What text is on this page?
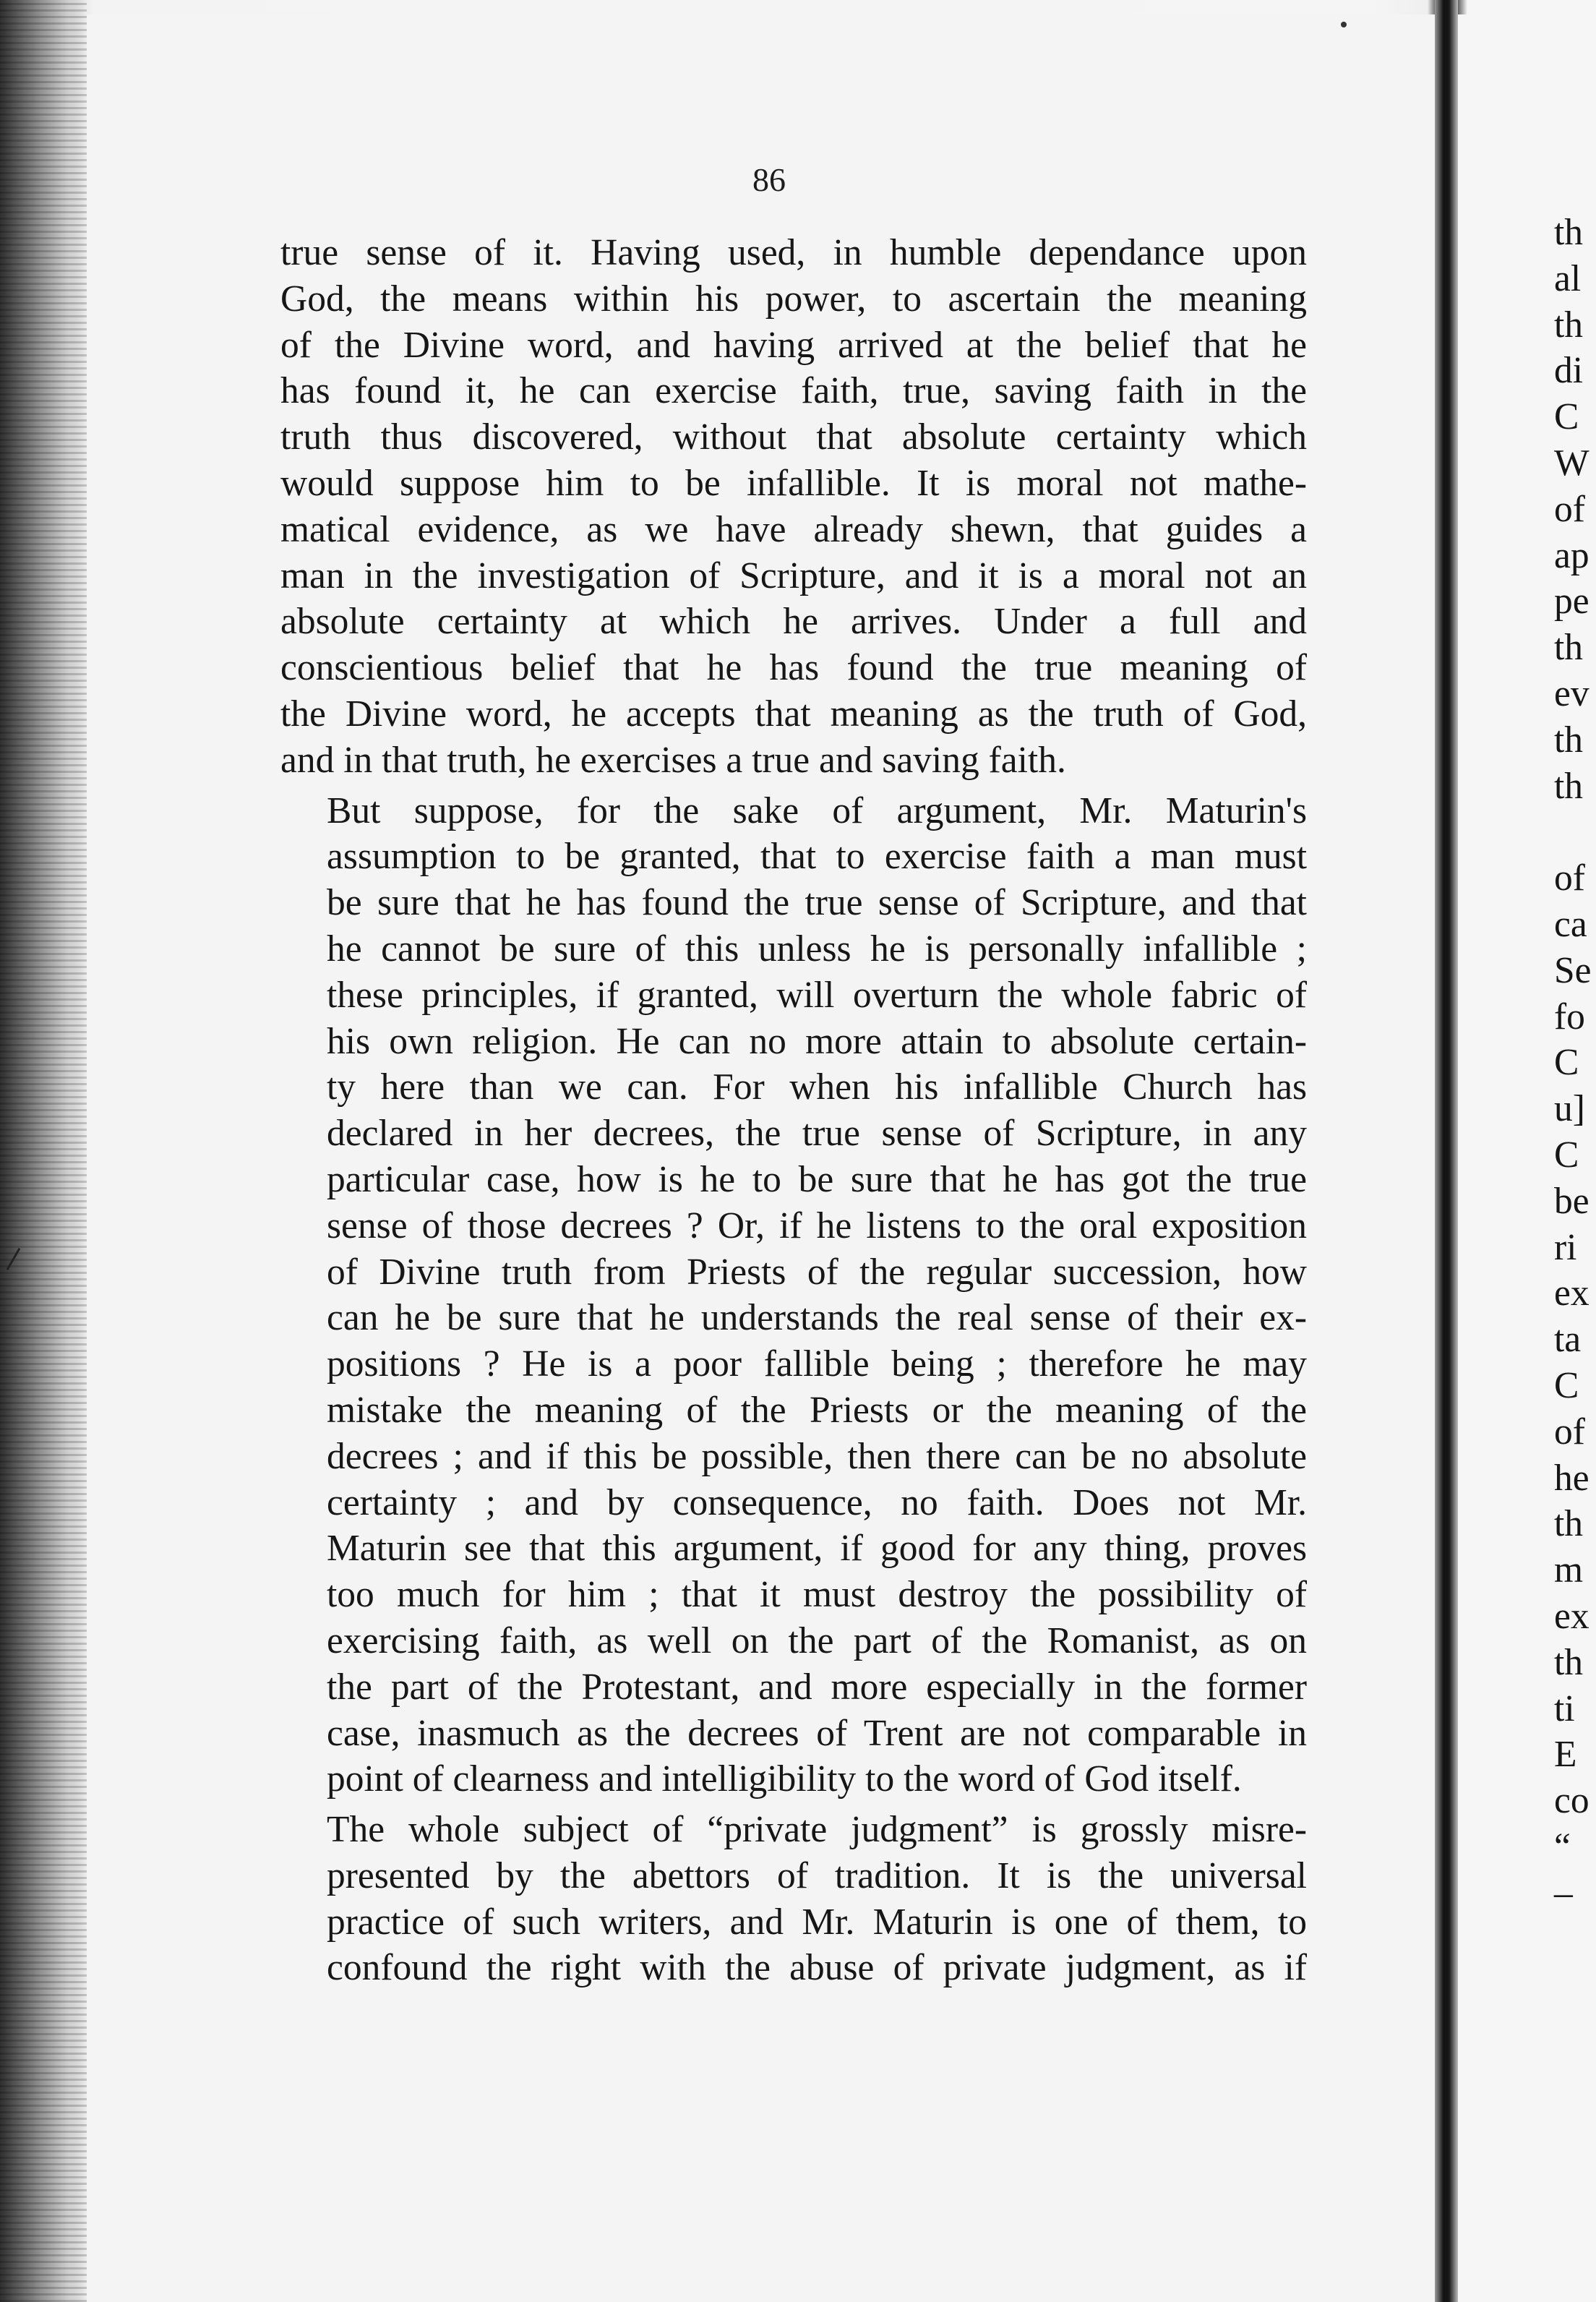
86
true sense of it. Having used, in humble dependance upon
God, the means within his power, to ascertain the meaning
of the Divine word, and having arrived at the belief that he
has found it, he can exercise faith, true, saving faith in the
truth thus discovered, without that absolute certainty which
would suppose him to be infallible. It is moral not mathe-
matical evidence, as we have already shewn, that guides a
man in the investigation of Scripture, and it is a moral not an
absolute certainty at which he arrives. Under a full and
conscientious belief that he has found the true meaning of
the Divine word, he accepts that meaning as the truth of God,
and in that truth, he exercises a true and saving faith.
But suppose, for the sake of argument, Mr. Maturin's
assumption to be granted, that to exercise faith a man must
be sure that he has found the true sense of Scripture, and that
he cannot be sure of this unless he is personally infallible ;
these principles, if granted, will overturn the whole fabric of
his own religion. He can no more attain to absolute certain-
ty here than we can. For when his infallible Church has
declared in her decrees, the true sense of Scripture, in any
particular case, how is he to be sure that he has got the true
sense of those decrees ? Or, if he listens to the oral exposition
of Divine truth from Priests of the regular succession, how
can he be sure that he understands the real sense of their ex-
positions ? He is a poor fallible being ; therefore he may
mistake the meaning of the Priests or the meaning of the
decrees ; and if this be possible, then there can be no absolute
certainty ; and by consequence, no faith. Does not Mr.
Maturin see that this argument, if good for any thing, proves
too much for him ; that it must destroy the possibility of
exercising faith, as well on the part of the Romanist, as on
the part of the Protestant, and more especially in the former
case, inasmuch as the decrees of Trent are not comparable in
point of clearness and intelligibility to the word of God itself.
The whole subject of “private judgment” is grossly misre-
presented by the abettors of tradition. It is the universal
practice of such writers, and Mr. Maturin is one of them, to
confound the right with the abuse of private judgment, as if
th
al
th
di
C
W
of
ap
pе
th
ev
th
th
of
ca
Sе
fo
C
u]
C
bе
ri
ex
ta
C
of
hе
th
m
ex
th
ti
E
cо
“
–
